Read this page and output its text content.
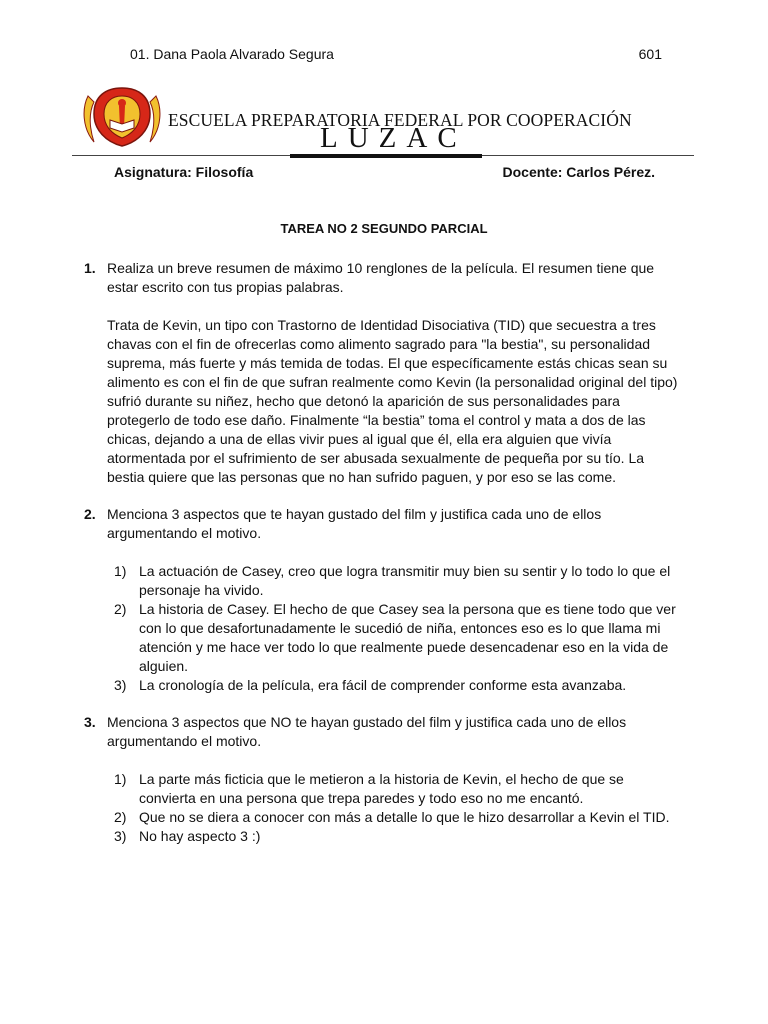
01. Dana Paola Alvarado Segura	601
ESCUELA PREPARATORIA FEDERAL POR COOPERACIÓN
LUZAC
Asignatura: Filosofía	Docente: Carlos Pérez.
TAREA NO 2 SEGUNDO PARCIAL
1. Realiza un breve resumen de máximo 10 renglones de la película. El resumen tiene que estar escrito con tus propias palabras.
Trata de Kevin, un tipo con Trastorno de Identidad Disociativa (TID) que secuestra a tres chavas con el fin de ofrecerlas como alimento sagrado para "la bestia", su personalidad suprema, más fuerte y más temida de todas. El que específicamente estás chicas sean su alimento es con el fin de que sufran realmente como Kevin (la personalidad original del tipo) sufrió durante su niñez, hecho que detonó la aparición de sus personalidades para protegerlo de todo ese daño. Finalmente “la bestia” toma el control y mata a dos de las chicas, dejando a una de ellas vivir pues al igual que él, ella era alguien que vivía atormentada por el sufrimiento de ser abusada sexualmente de pequeña por su tío. La bestia quiere que las personas que no han sufrido paguen, y por eso se las come.
2. Menciona 3 aspectos que te hayan gustado del film y justifica cada uno de ellos argumentando el motivo.
1) La actuación de Casey, creo que logra transmitir muy bien su sentir y lo todo lo que el personaje ha vivido.
2) La historia de Casey. El hecho de que Casey sea la persona que es tiene todo que ver con lo que desafortunadamente le sucedió de niña, entonces eso es lo que llama mi atención y me hace ver todo lo que realmente puede desencadenar eso en la vida de alguien.
3) La cronología de la película, era fácil de comprender conforme esta avanzaba.
3. Menciona 3 aspectos que NO te hayan gustado del film y justifica cada uno de ellos argumentando el motivo.
1) La parte más ficticia que le metieron a la historia de Kevin, el hecho de que se convierta en una persona que trepa paredes y todo eso no me encantó.
2) Que no se diera a conocer con más a detalle lo que le hizo desarrollar a Kevin el TID.
3) No hay aspecto 3 :)
